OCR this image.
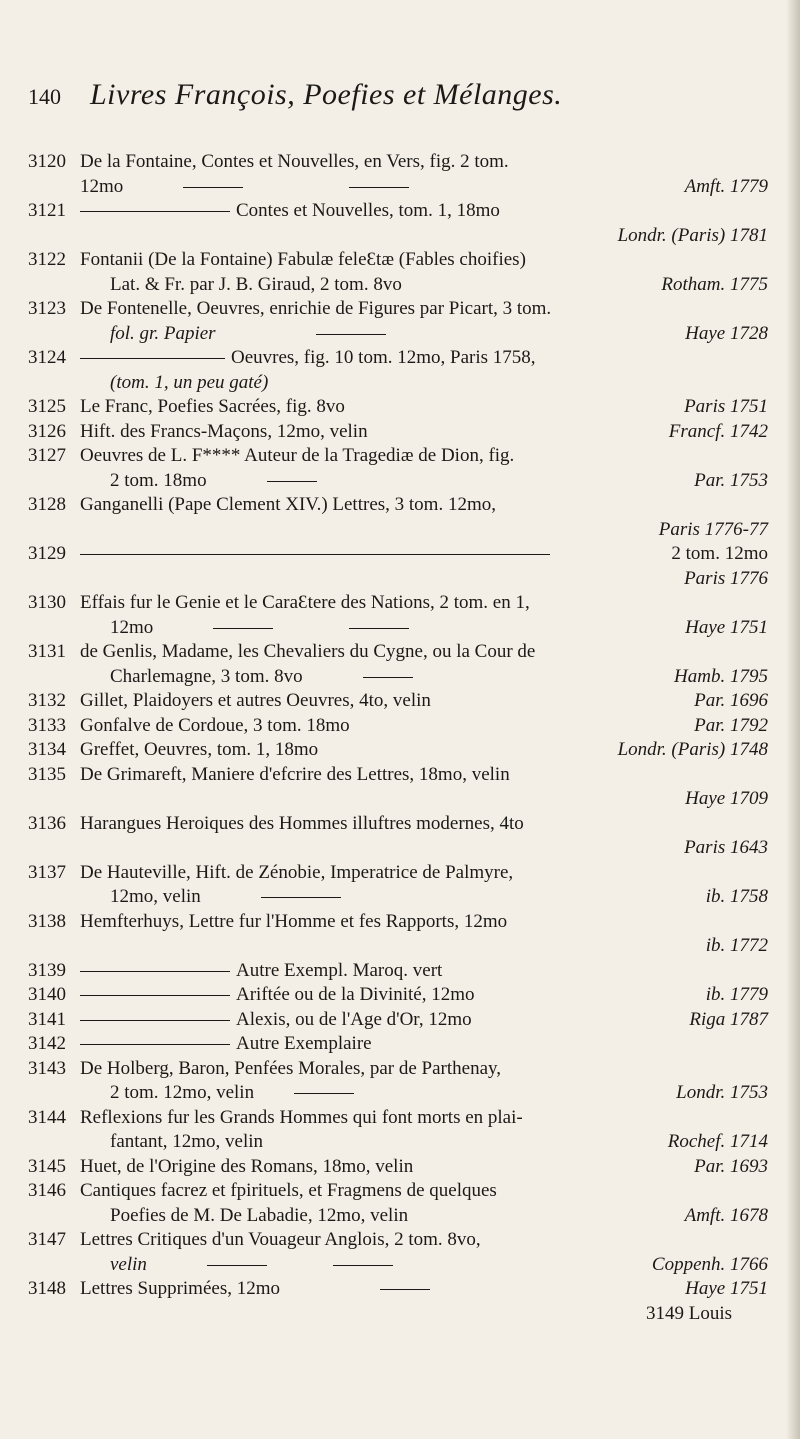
140 Livres François, Poefies et Mélanges.
3120 De la Fontaine, Contes et Nouvelles, en Vers, fig. 2 tom.
12mo	Amft. 1779
3121	Contes et Nouvelles, tom. 1, 18mo
Londr. (Paris) 1781
3122 Fontanii (De la Fontaine) Fabulæ feleƐtæ (Fables choifies)
Lat. & Fr. par J. B. Giraud, 2 tom. 8vo	Rotham. 1775
3123 De Fontenelle, Oeuvres, enrichie de Figures par Picart, 3 tom.
fol. gr. Papier	Haye 1728
3124	Oeuvres, fig. 10 tom. 12mo, Paris 1758,
(tom. 1, un peu gaté)
3125 Le Franc, Poefies Sacrées, fig. 8vo	Paris 1751
3126 Hift. des Francs-Maçons, 12mo, velin	Francf. 1742
3127 Oeuvres de L. F**** Auteur de la Tragediæ de Dion, fig.
2 tom. 18mo	Par. 1753
3128 Ganganelli (Pape Clement XIV.) Lettres, 3 tom. 12mo,
Paris 1776-77
3129	2 tom. 12mo
Paris 1776
3130 Effais fur le Genie et le CaraƐtere des Nations, 2 tom. en 1,
12mo	Haye 1751
3131 de Genlis, Madame, les Chevaliers du Cygne, ou la Cour de
Charlemagne, 3 tom. 8vo	Hamb. 1795
3132 Gillet, Plaidoyers et autres Oeuvres, 4to, velin	Par. 1696
3133 Gonfalve de Cordoue, 3 tom. 18mo	Par. 1792
3134 Greffet, Oeuvres, tom. 1, 18mo	Londr. (Paris) 1748
3135 De Grimareft, Maniere d'efcrire des Lettres, 18mo, velin
Haye 1709
3136 Harangues Heroiques des Hommes illuftres modernes, 4to
Paris 1643
3137 De Hauteville, Hift. de Zénobie, Imperatrice de Palmyre,
12mo, velin	ib. 1758
3138 Hemfterhuys, Lettre fur l'Homme et fes Rapports, 12mo
ib. 1772
3139	Autre Exempl. Maroq. vert
3140	Ariftée ou de la Divinité, 12mo	ib. 1779
3141	Alexis, ou de l'Age d'Or, 12mo	Riga 1787
3142	Autre Exemplaire
3143 De Holberg, Baron, Penfées Morales, par de Parthenay,
2 tom. 12mo, velin	Londr. 1753
3144 Reflexions fur les Grands Hommes qui font morts en plai-
fantant, 12mo, velin	Rochef. 1714
3145 Huet, de l'Origine des Romans, 18mo, velin	Par. 1693
3146 Cantiques facrez et fpirituels, et Fragmens de quelques
Poefies de M. De Labadie, 12mo, velin	Amft. 1678
3147 Lettres Critiques d'un Vouageur Anglois, 2 tom. 8vo,
velin	Coppenh. 1766
3148 Lettres Supprimées, 12mo	Haye 1751
3149 Louis
